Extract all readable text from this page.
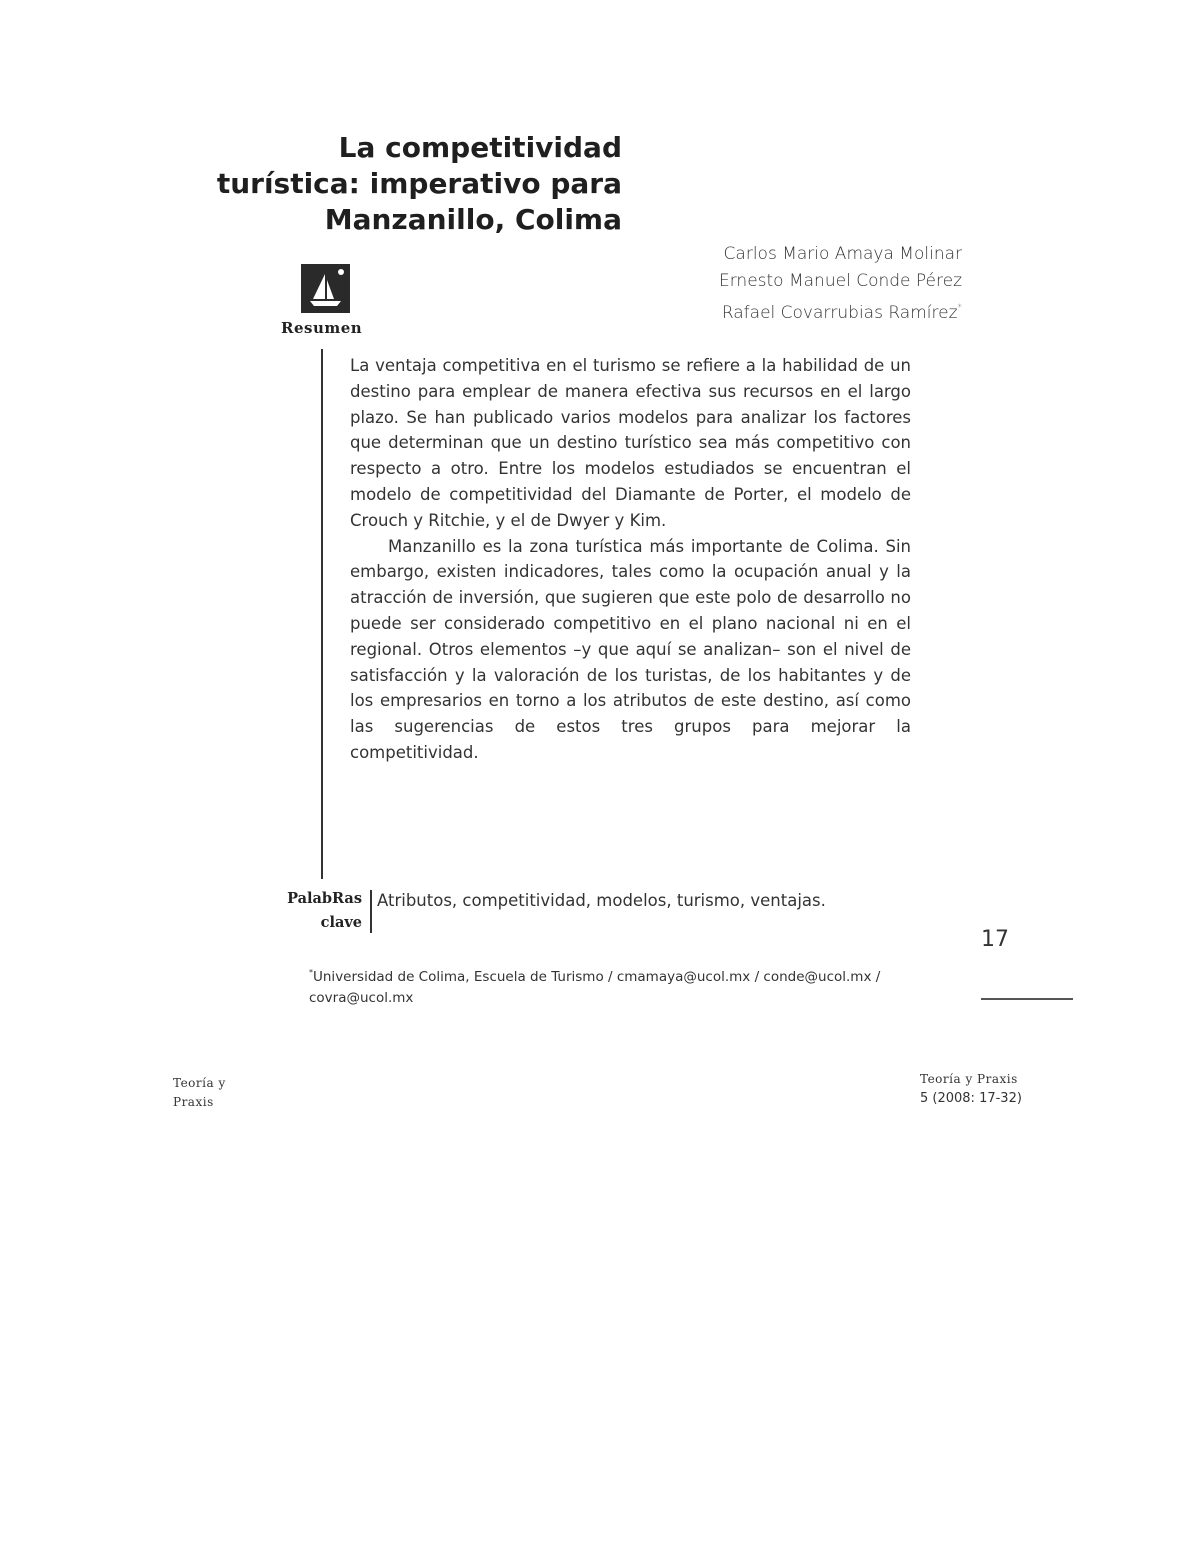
La competitividad
turística: imperativo para
Manzanillo, Colima
Carlos Mario Amaya Molinar
Ernesto Manuel Conde Pérez
Rafael Covarrubias Ramírez*
Resumen

La ventaja competitiva en el turismo se refiere a la habilidad de un destino para emplear de manera efectiva sus recursos en el largo plazo. Se han publicado varios modelos para analizar los factores que determinan que un destino turístico sea más competitivo con respecto a otro. Entre los modelos estudiados se encuentran el modelo de competitividad del Diamante de Porter, el modelo de Crouch y Ritchie, y el de Dwyer y Kim.

Manzanillo es la zona turística más importante de Colima. Sin embargo, existen indicadores, tales como la ocupación anual y la atracción de inversión, que sugieren que este polo de desarrollo no puede ser considerado competitivo en el plano nacional ni en el regional. Otros elementos –y que aquí se analizan– son el nivel de satisfacción y la valoración de los turistas, de los habitantes y de los empresarios en torno a los atributos de este destino, así como las sugerencias de estos tres grupos para mejorar la competitividad.

PalabRas
clave
Atributos, competitividad, modelos, turismo, ventajas.
17
*Universidad de Colima, Escuela de Turismo / cmamaya@ucol.mx / conde@ucol.mx / covra@ucol.mx
Teoría y
Praxis
Teoría y Praxis
5 (2008: 17-32)
